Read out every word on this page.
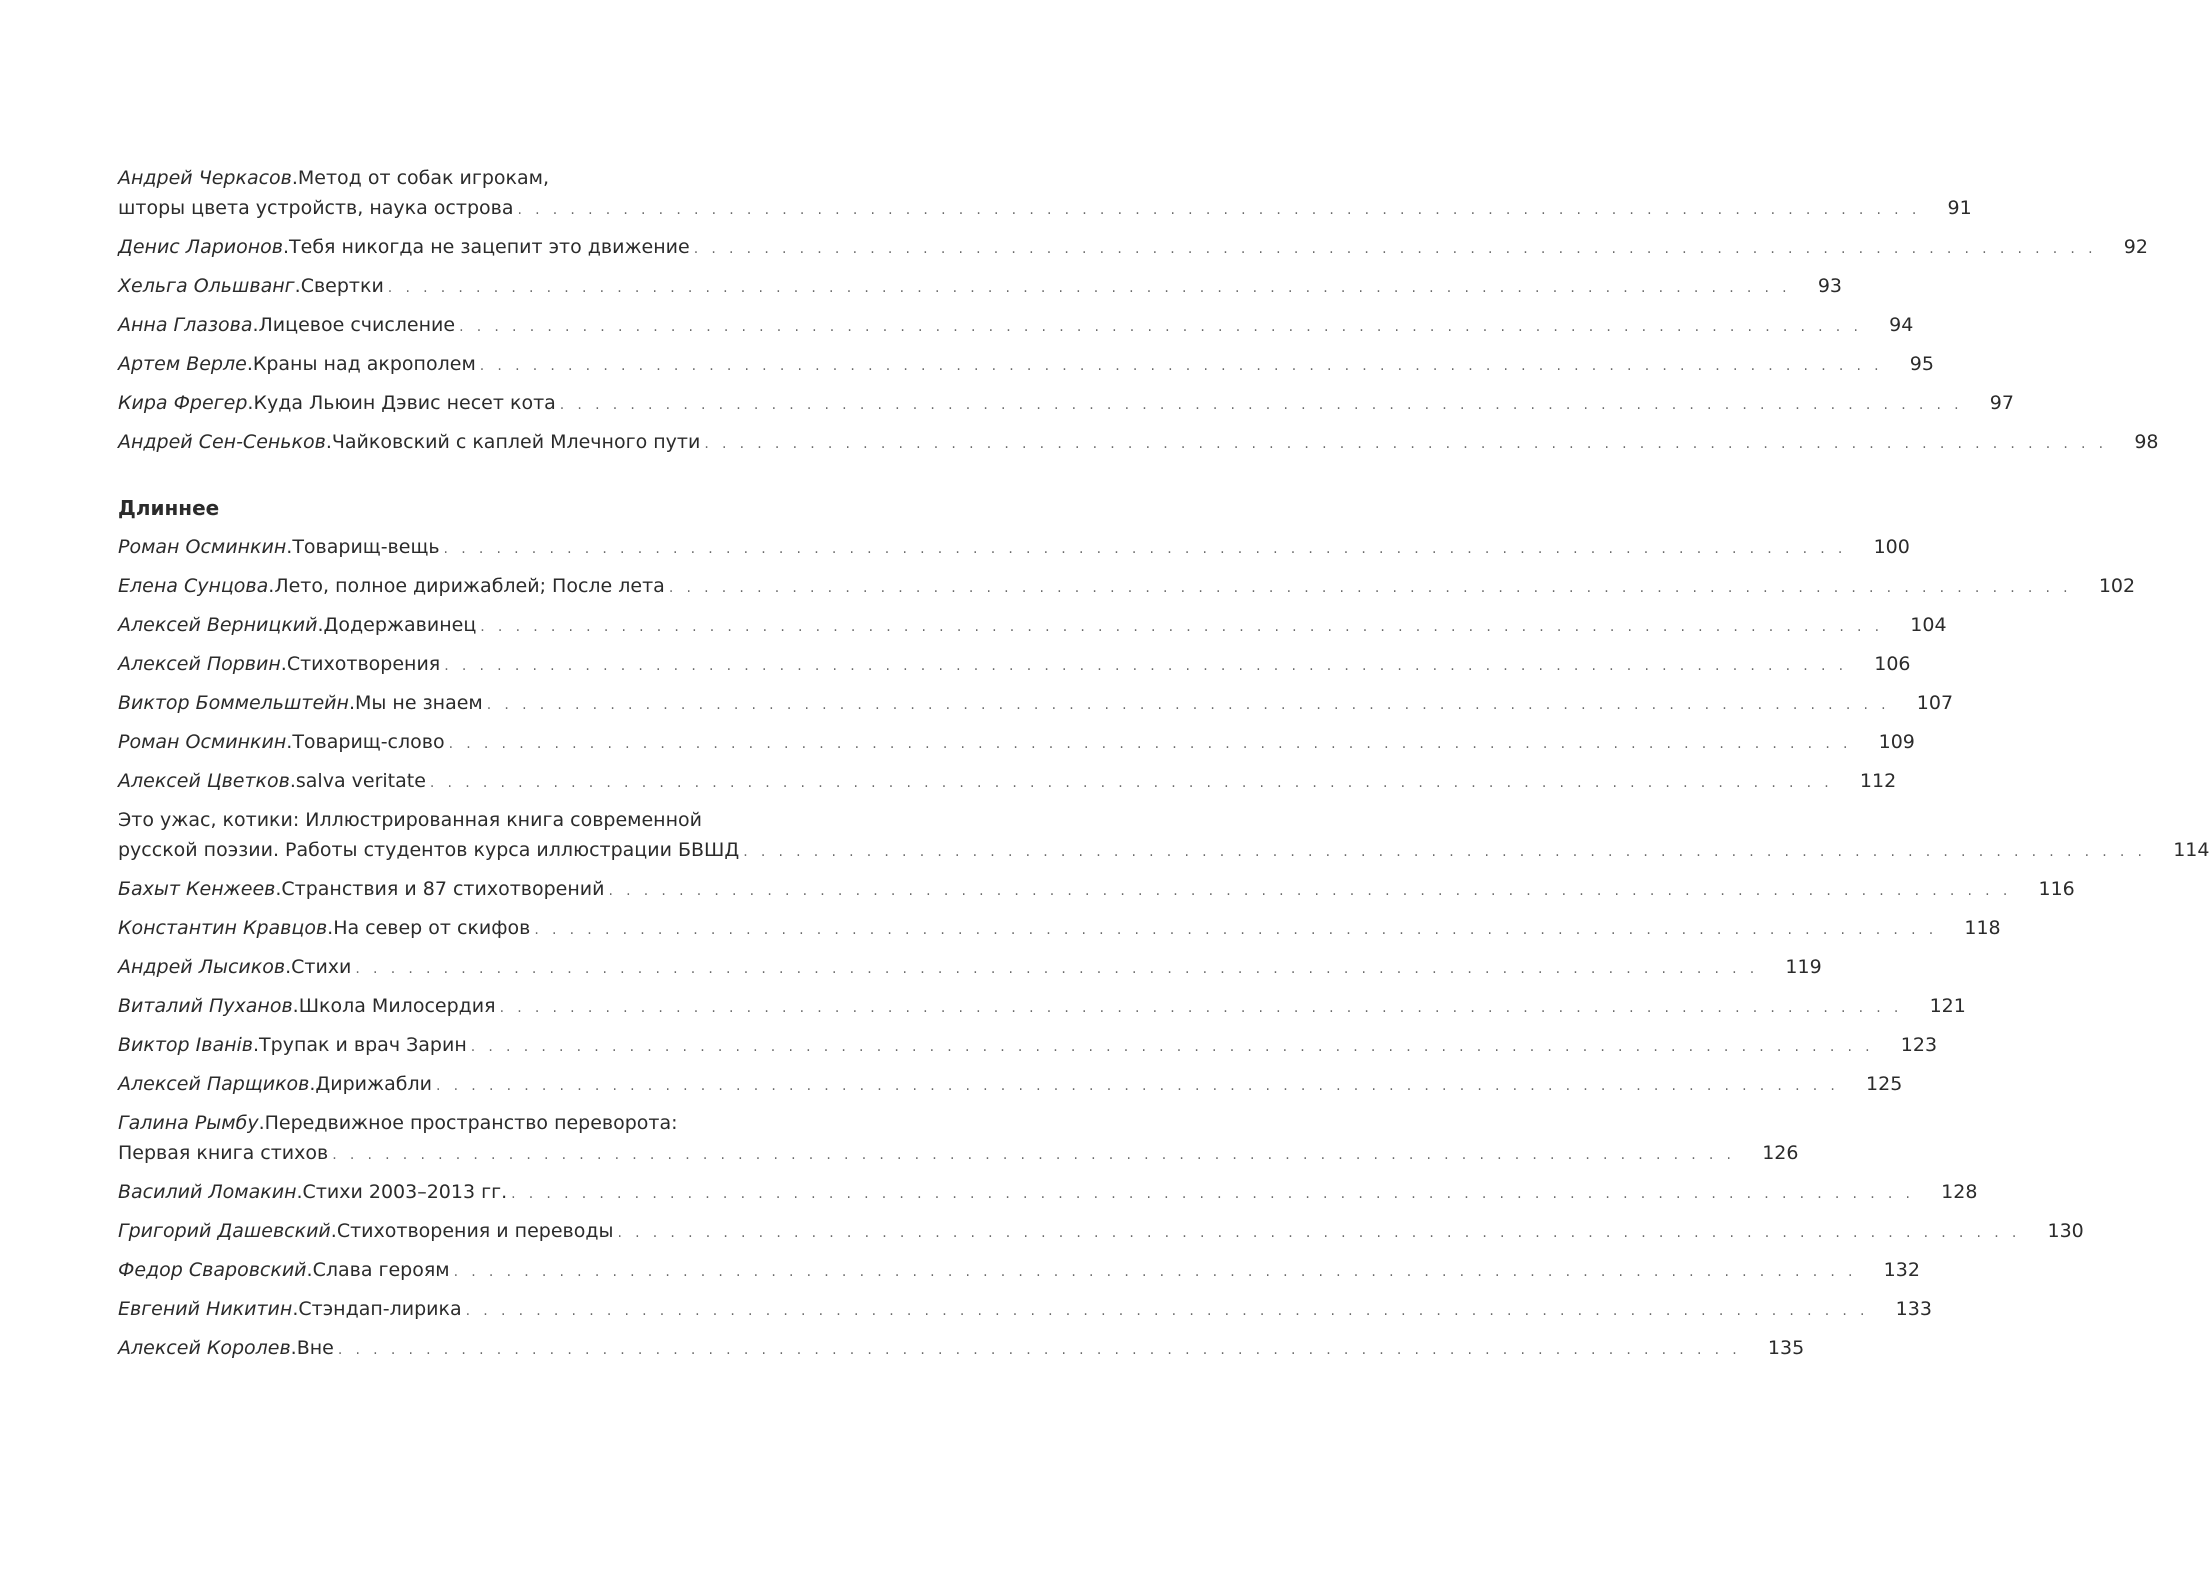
Андрей Черкасов . Метод от собак игрокам,
шторы цвета устройств, наука острова ................................................................................ 91
Денис Ларионов . Тебя никогда не зацепит это движение ................................................................................ 92
Хельга Ольшванг . Свертки ................................................................................ 93
Анна Глазова . Лицевое счисление ................................................................................ 94
Артем Верле . Краны над акрополем ................................................................................ 95
Кира Фрегер . Куда Льюин Дэвис несет кота ................................................................................ 97
Андрей Сен-Сеньков . Чайковский с каплей Млечного пути ................................................................................ 98
Длиннее
Роман Осминкин . Товарищ-вещь ................................................................................ 100
Елена Сунцова . Лето, полное дирижаблей; После лета ................................................................................ 102
Алексей Верницкий . Додержавинец ................................................................................ 104
Алексей Порвин . Стихотворения ................................................................................ 106
Виктор Боммельштейн . Мы не знаем ................................................................................ 107
Роман Осминкин . Товарищ-слово ................................................................................ 109
Алексей Цветков . salva veritate ................................................................................ 112
Это ужас, котики: Иллюстрированная книга современной
русской поэзии. Работы студентов курса иллюстрации БВШД ................................................................................ 114
Бахыт Кенжеев . Странствия и 87 стихотворений ................................................................................ 116
Константин Кравцов . На север от скифов ................................................................................ 118
Андрей Лысиков . Стихи ................................................................................ 119
Виталий Пуханов . Школа Милосердия ................................................................................ 121
Виктор Іванів . Трупак и врач Зарин ................................................................................ 123
Алексей Парщиков . Дирижабли ................................................................................ 125
Галина Рымбу . Передвижное пространство переворота:
Первая книга стихов ................................................................................ 126
Василий Ломакин . Стихи 2003–2013 гг. ................................................................................ 128
Григорий Дашевский . Стихотворения и переводы ................................................................................ 130
Федор Сваровский . Слава героям ................................................................................ 132
Евгений Никитин . Стэндап-лирика ................................................................................ 133
Алексей Королев . Вне ................................................................................ 135
